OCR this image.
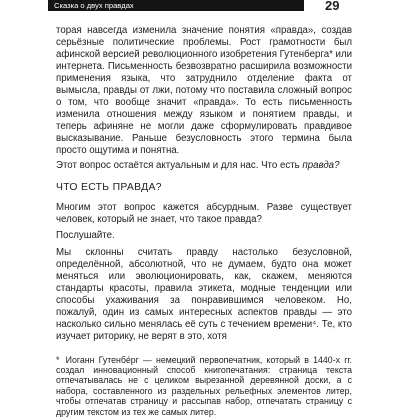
Сказка о двух правдах	29

торая навсегда изменила значение понятия «правда», создав серьёзные политические проблемы. Рост грамотности был афинской версией революционного изобретения Гутенберга* или интернета. Письменность безвозвратно расширила возможности применения языка, что затруднило отделение факта от вымысла, правды от лжи, потому что поставила сложный вопрос о том, что вообще значит «правда». То есть письменность изменила отношения между языком и понятием правды, и теперь афиняне не могли даже сформулировать правдивое высказывание. Раньше безусловность этого термина была просто ощутима и понятна.

Этот вопрос остаётся актуальным и для нас. Что есть правда?

ЧТО ЕСТЬ ПРАВДА?

Многим этот вопрос кажется абсурдным. Разве существует человек, который не знает, что такое правда?

Послушайте.

Мы склонны считать правду настолько безусловной, определённой, абсолютной, что не думаем, будто она может меняться или эволюционировать, как, скажем, меняются стандарты красоты, правила этикета, модные тенденции или способы ухаживания за понравившимся человеком. Но, пожалуй, один из самых интересных аспектов правды — это насколько сильно менялась её суть с течением времени⁴. Те, кто изучает риторику, не верят в это, хотя

* Иоганн Гутенбе́рг — немецкий первопечатник, который в 1440-х гг. создал инновационный способ книгопечатания: страница текста отпечатывалась не с целиком вырезанной деревянной доски, а с набора, составленного из раздельных рельефных элементов литер, чтобы отпечатав страницу и рассыпав набор, отпечатать страницу с другим текстом из тех же самых литер.
